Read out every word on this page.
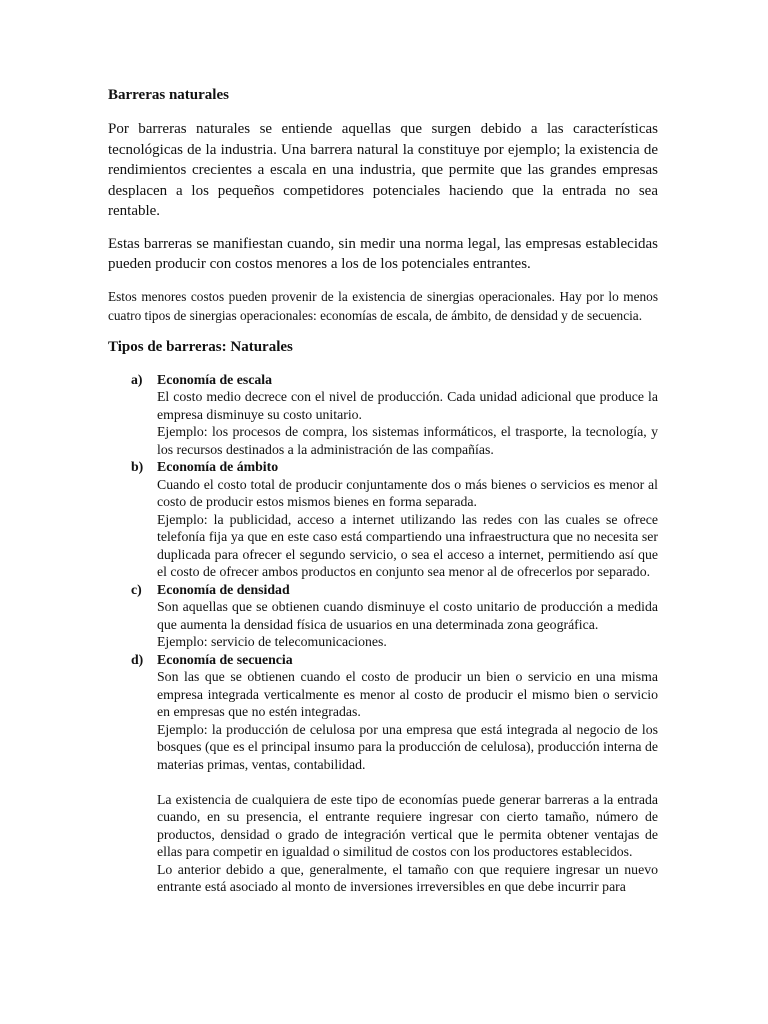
Barreras naturales

Por barreras naturales se entiende aquellas que surgen debido a las características tecnológicas de la industria. Una barrera natural la constituye por ejemplo; la existencia de rendimientos crecientes a escala en una industria, que permite que las grandes empresas desplacen a los pequeños competidores potenciales haciendo que la entrada no sea rentable.

Estas barreras se manifiestan cuando, sin medir una norma legal, las empresas establecidas pueden producir con costos menores a los de los potenciales entrantes.

Estos menores costos pueden provenir de la existencia de sinergias operacionales. Hay por lo menos cuatro tipos de sinergias operacionales: economías de escala, de ámbito, de densidad y de secuencia.

Tipos de barreras: Naturales
a) Economía de escala
El costo medio decrece con el nivel de producción. Cada unidad adicional que produce la empresa disminuye su costo unitario.
Ejemplo: los procesos de compra, los sistemas informáticos, el trasporte, la tecnología, y los recursos destinados a la administración de las compañías.
b) Economía de ámbito
Cuando el costo total de producir conjuntamente dos o más bienes o servicios es menor al costo de producir estos mismos bienes en forma separada.
Ejemplo: la publicidad, acceso a internet utilizando las redes con las cuales se ofrece telefonía fija ya que en este caso está compartiendo una infraestructura que no necesita ser duplicada para ofrecer el segundo servicio, o sea el acceso a internet, permitiendo así que el costo de ofrecer ambos productos en conjunto sea menor al de ofrecerlos por separado.
c) Economía de densidad
Son aquellas que se obtienen cuando disminuye el costo unitario de producción a medida que aumenta la densidad física de usuarios en una determinada zona geográfica.
Ejemplo: servicio de telecomunicaciones.
d) Economía de secuencia
Son las que se obtienen cuando el costo de producir un bien o servicio en una misma empresa integrada verticalmente es menor al costo de producir el mismo bien o servicio en empresas que no estén integradas.
Ejemplo: la producción de celulosa por una empresa que está integrada al negocio de los bosques (que es el principal insumo para la producción de celulosa), producción interna de materias primas, ventas, contabilidad.
La existencia de cualquiera de este tipo de economías puede generar barreras a la entrada cuando, en su presencia, el entrante requiere ingresar con cierto tamaño, número de productos, densidad o grado de integración vertical que le permita obtener ventajas de ellas para competir en igualdad o similitud de costos con los productores establecidos.
Lo anterior debido a que, generalmente, el tamaño con que requiere ingresar un nuevo entrante está asociado al monto de inversiones irreversibles en que debe incurrir para
